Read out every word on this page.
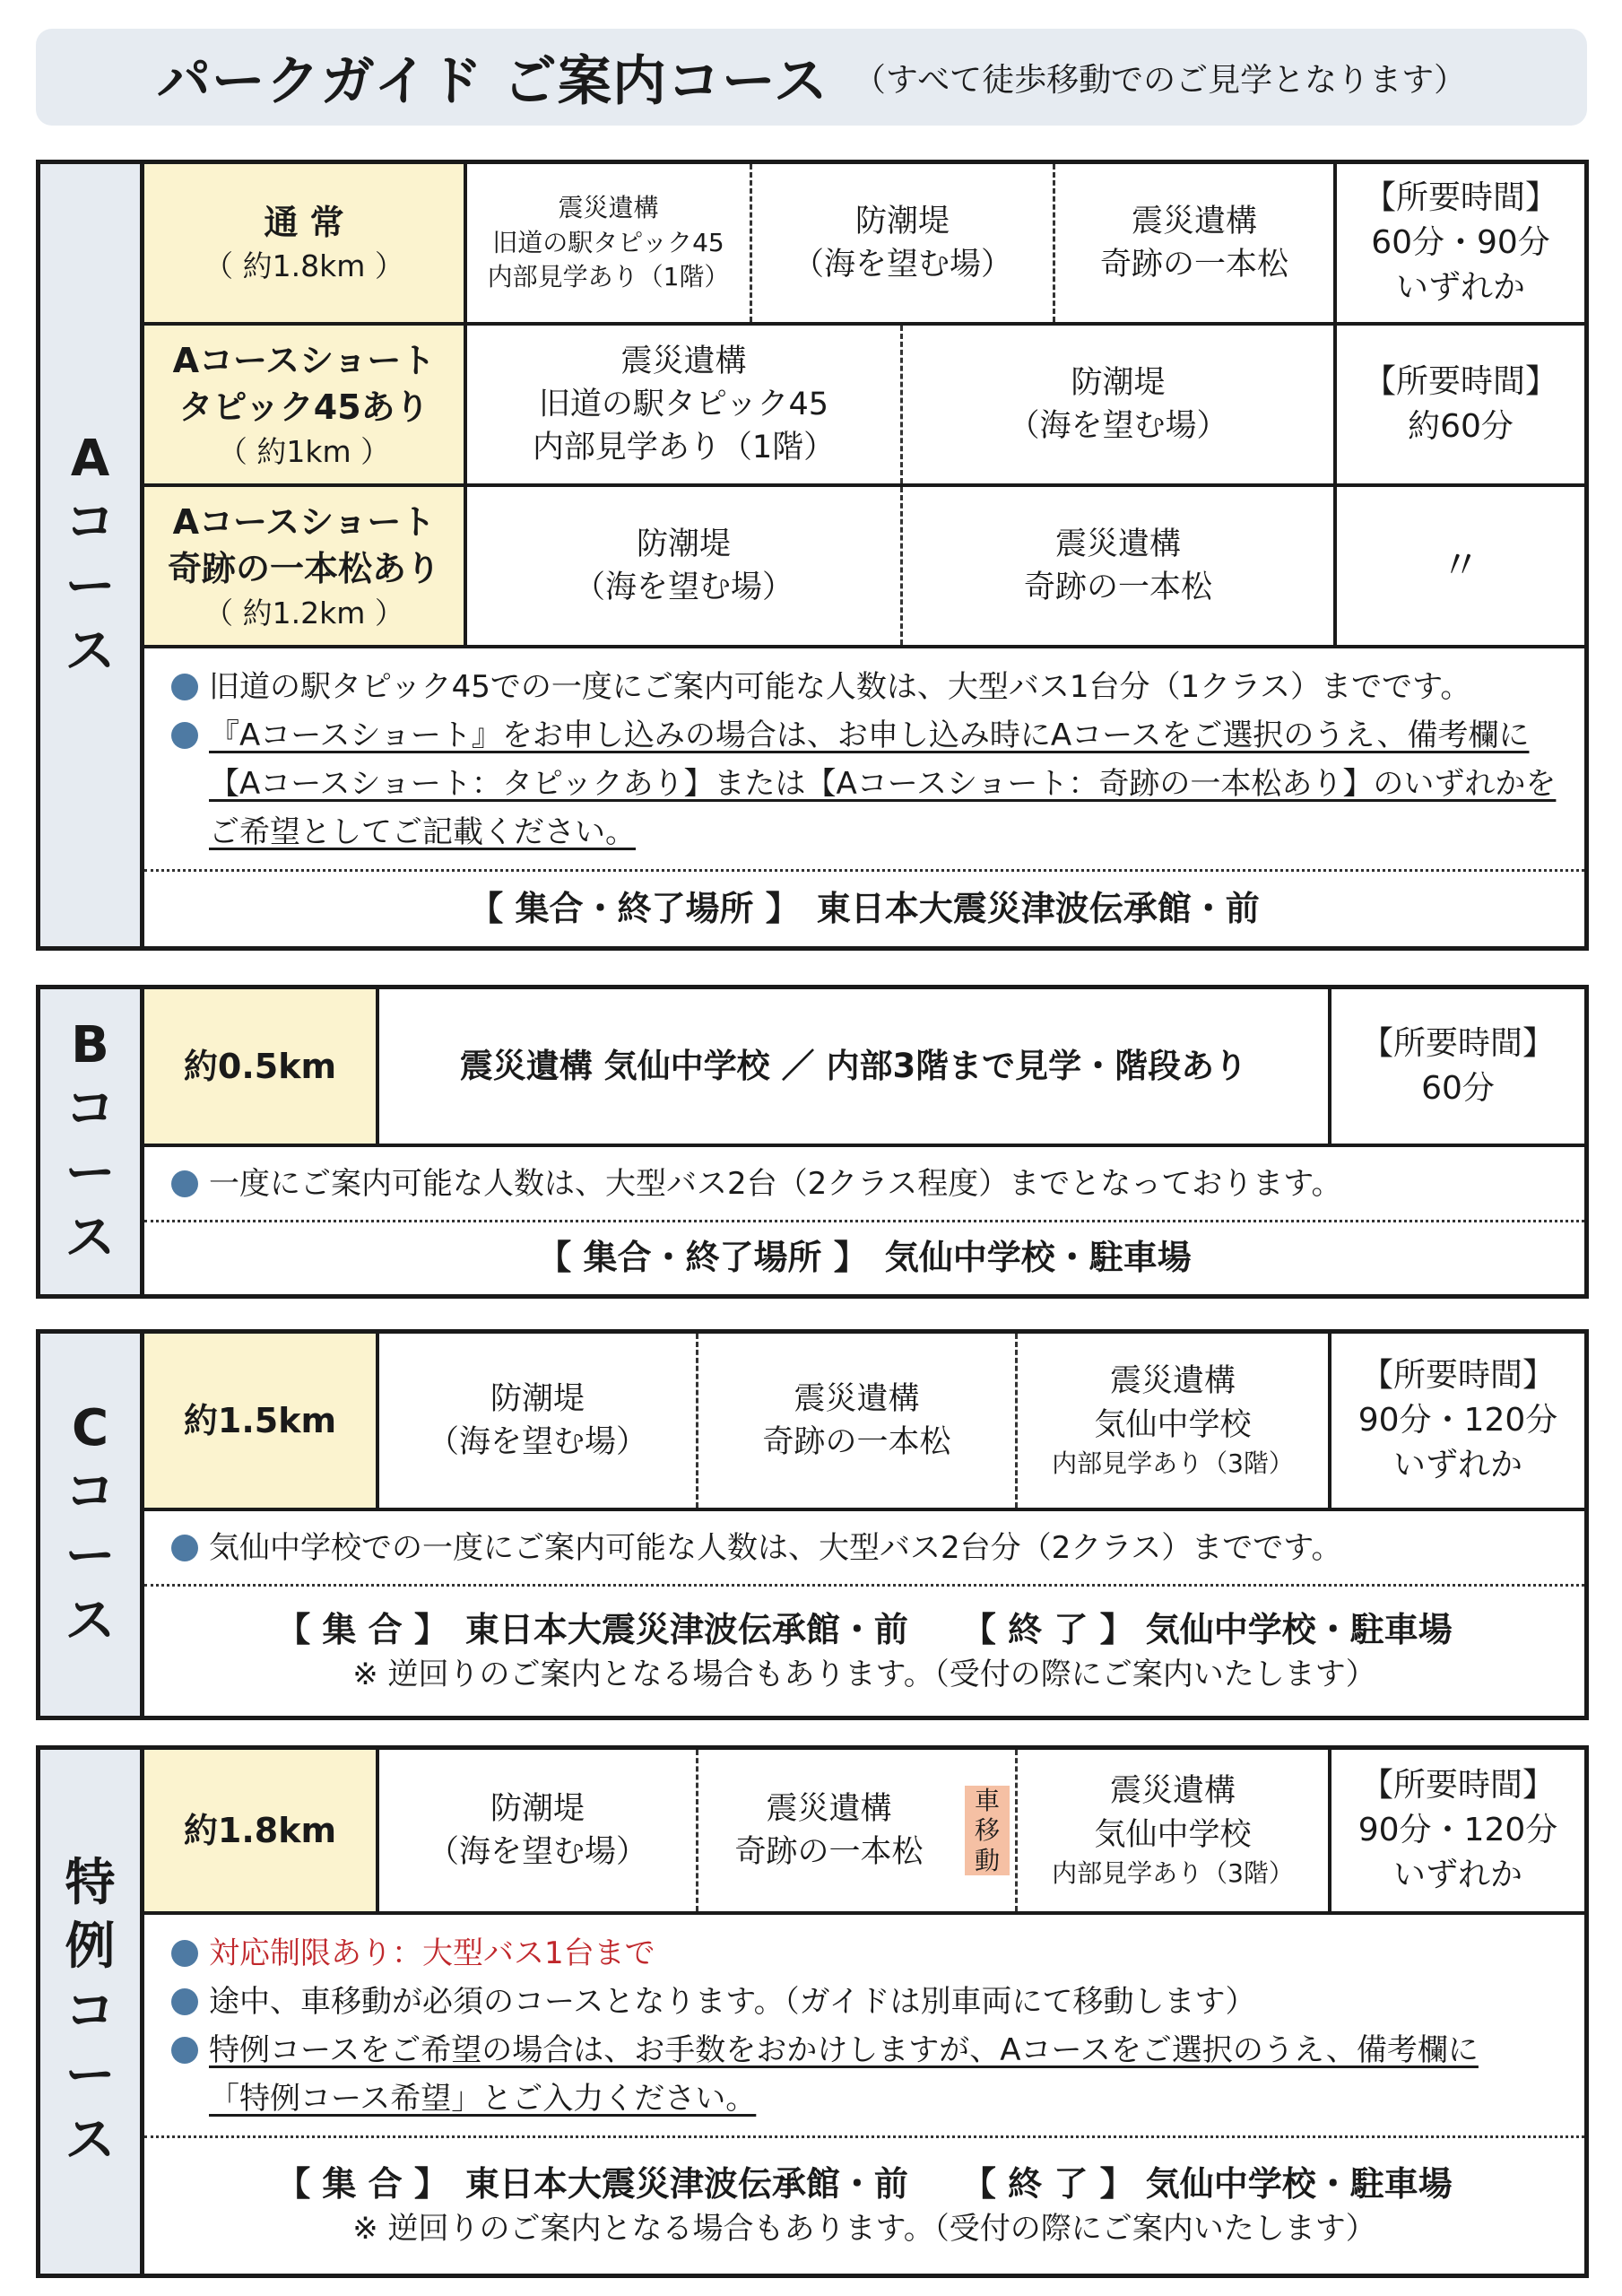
パークガイド ご案内コース （すべて徒歩移動でのご見学となります）
A
コ
ー
ス
通 常
（ 約1.8km ）
震災遺構
旧道の駅タピック45
内部見学あり（1階）
防潮堤
（海を望む場）
震災遺構
奇跡の一本松
【所要時間】
60分・90分
いずれか
Aコースショート
タピック45あり
（ 約1km ）
震災遺構
旧道の駅タピック45
内部見学あり（1階）
防潮堤
（海を望む場）
【所要時間】
約60分
Aコースショート
奇跡の一本松あり
（ 約1.2km ）
防潮堤
（海を望む場）
震災遺構
奇跡の一本松	〃
旧道の駅タピック45での一度にご案内可能な人数は、大型バス1台分（1クラス）までです。
『Aコースショート』をお申し込みの場合は、お申し込み時にAコースをご選択のうえ、備考欄に
【Aコースショート：タピックあり】または【Aコースショート：奇跡の一本松あり】のいずれかを
ご希望としてご記載ください。
【 集合・終了場所 】　東日本大震災津波伝承館・前
B
コ
ー
ス
約0.5km	震災遺構 気仙中学校 ／ 内部3階まで見学・階段あり
【所要時間】
60分
一度にご案内可能な人数は、大型バス2台（2クラス程度）までとなっております。
【 集合・終了場所 】　気仙中学校・駐車場
C
コ
ー
ス
約1.5km
防潮堤
（海を望む場）
震災遺構
奇跡の一本松
震災遺構
気仙中学校
内部見学あり（3階）
【所要時間】
90分・120分
いずれか
気仙中学校での一度にご案内可能な人数は、大型バス2台分（2クラス）までです。
【 集 合 】　東日本大震災津波伝承館・前 【 終 了 】 気仙中学校・駐車場
※ 逆回りのご案内となる場合もあります。（受付の際にご案内いたします）
特
例
コ
ー
ス
約1.8km
防潮堤
（海を望む場）
震災遺構
奇跡の一本松
車
移
動
震災遺構
気仙中学校
内部見学あり（3階）
【所要時間】
90分・120分
いずれか
対応制限あり：大型バス1台まで
途中、車移動が必須のコースとなります。（ガイドは別車両にて移動します）
特例コースをご希望の場合は、お手数をおかけしますが、Aコースをご選択のうえ、備考欄に
「特例コース希望」とご入力ください。
【 集 合 】　東日本大震災津波伝承館・前 【 終 了 】 気仙中学校・駐車場
※ 逆回りのご案内となる場合もあります。（受付の際にご案内いたします）
